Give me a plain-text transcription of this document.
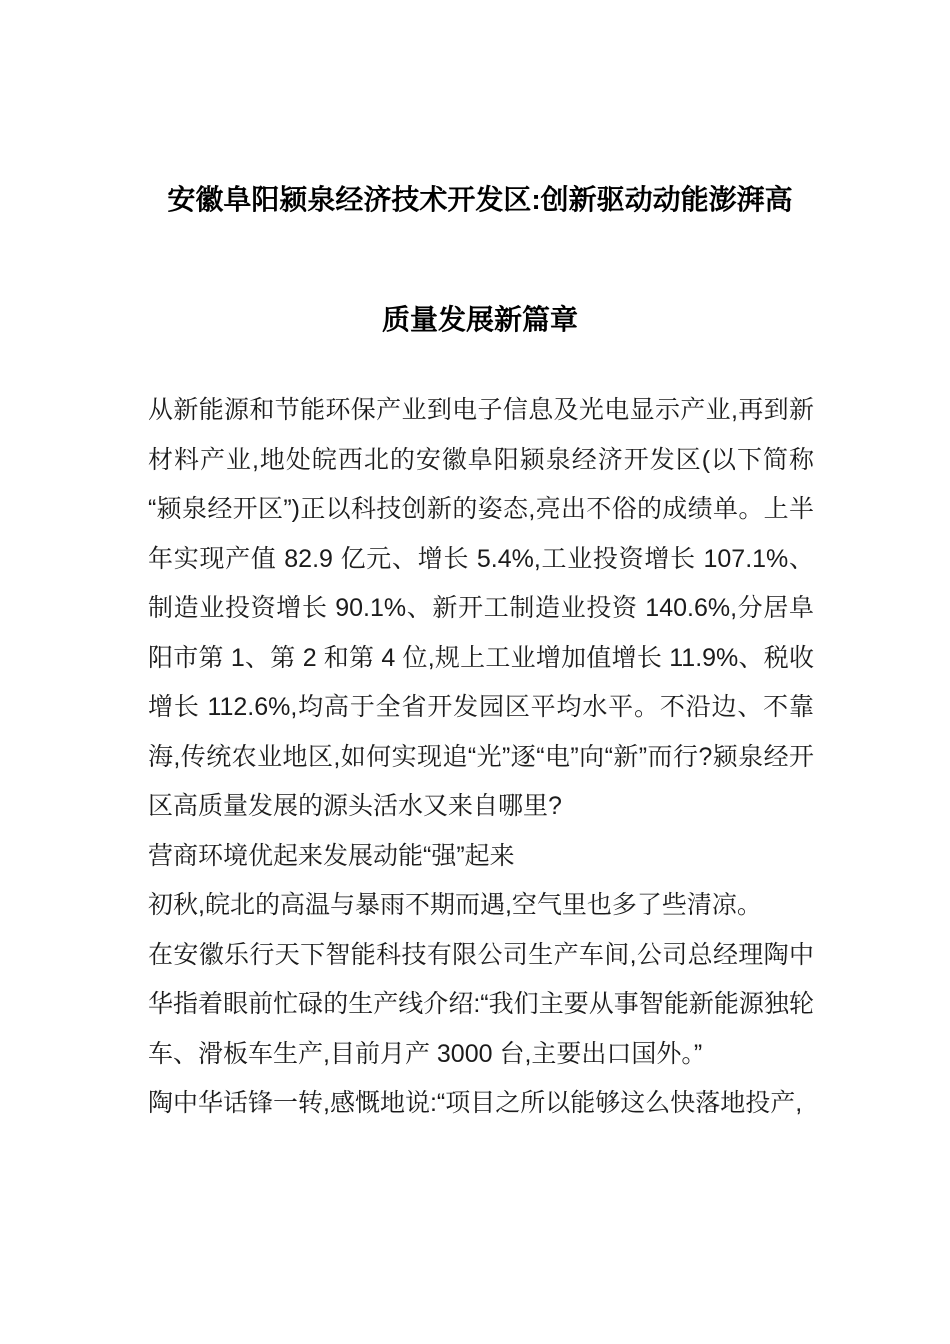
安徽阜阳颍泉经济技术开发区:创新驱动动能澎湃高
质量发展新篇章

从新能源和节能环保产业到电子信息及光电显示产业,再到新材料产业,地处皖西北的安徽阜阳颍泉经济开发区(以下简称“颍泉经开区”)正以科技创新的姿态,亮出不俗的成绩单。上半年实现产值 82.9 亿元、增长 5.4%,工业投资增长 107.1%、制造业投资增长 90.1%、新开工制造业投资 140.6%,分居阜阳市第 1、第 2 和第 4 位,规上工业增加值增长 11.9%、税收增长 112.6%,均高于全省开发园区平均水平。不沿边、不靠海,传统农业地区,如何实现追“光”逐“电”向“新”而行?颍泉经开区高质量发展的源头活水又来自哪里?

营商环境优起来发展动能“强”起来

初秋,皖北的高温与暴雨不期而遇,空气里也多了些清凉。

在安徽乐行天下智能科技有限公司生产车间,公司总经理陶中华指着眼前忙碌的生产线介绍:“我们主要从事智能新能源独轮车、滑板车生产,目前月产 3000 台,主要出口国外。”

陶中华话锋一转,感慨地说:“项目之所以能够这么快落地投产,
